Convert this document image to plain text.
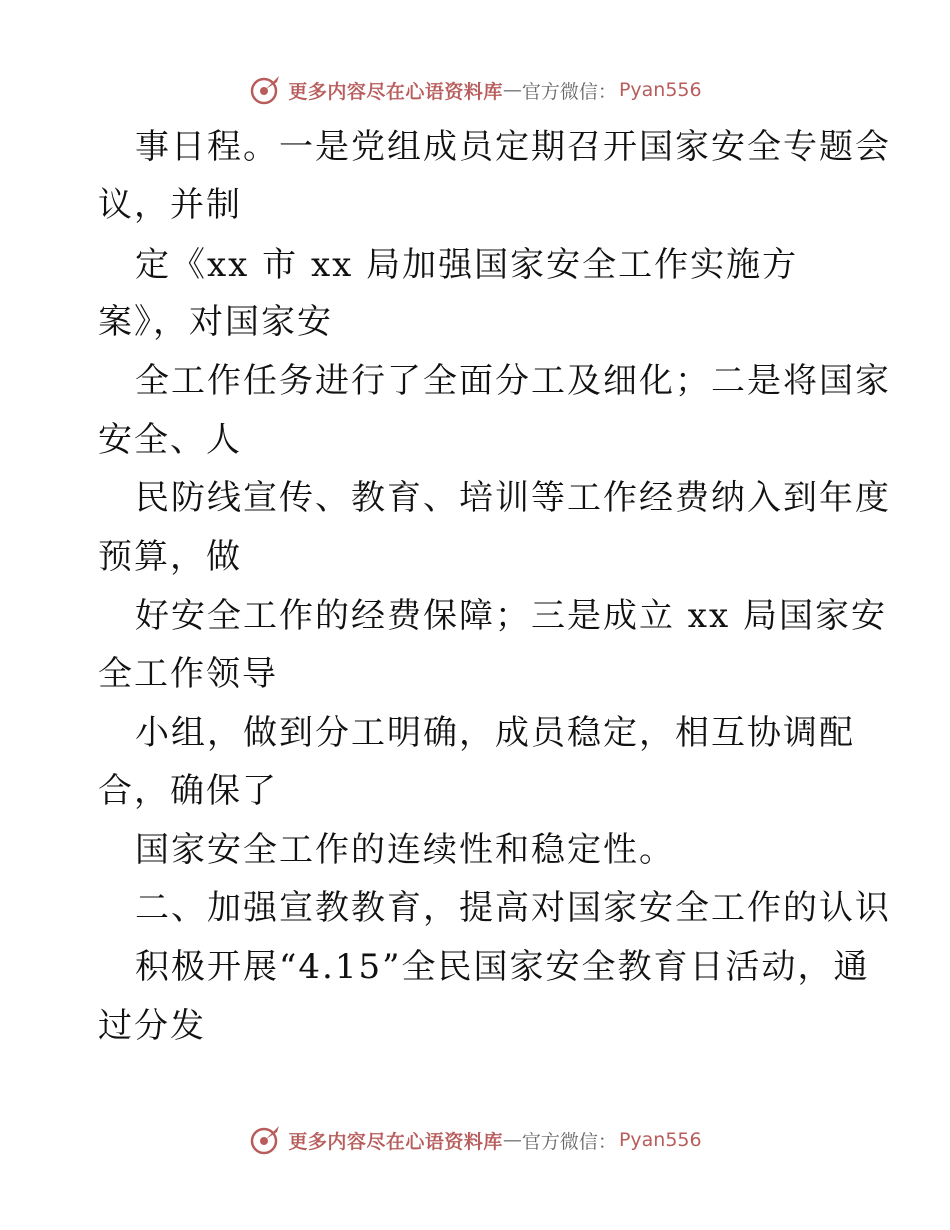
更多内容尽在心语资料库 — 官方微信： Pyan556
事日程。一是党组成员定期召开国家安全专题会
议，并制
定《xx 市 xx 局加强国家安全工作实施方
案》，对国家安
全工作任务进行了全面分工及细化；二是将国家
安全、人
民防线宣传、教育、培训等工作经费纳入到年度
预算，做
好安全工作的经费保障；三是成立 xx 局国家安
全工作领导
小组，做到分工明确，成员稳定，相互协调配
合，确保了
国家安全工作的连续性和稳定性。
二、加强宣教教育，提高对国家安全工作的认识
积极开展“4.15”全民国家安全教育日活动，通
过分发
更多内容尽在心语资料库 — 官方微信： Pyan556
